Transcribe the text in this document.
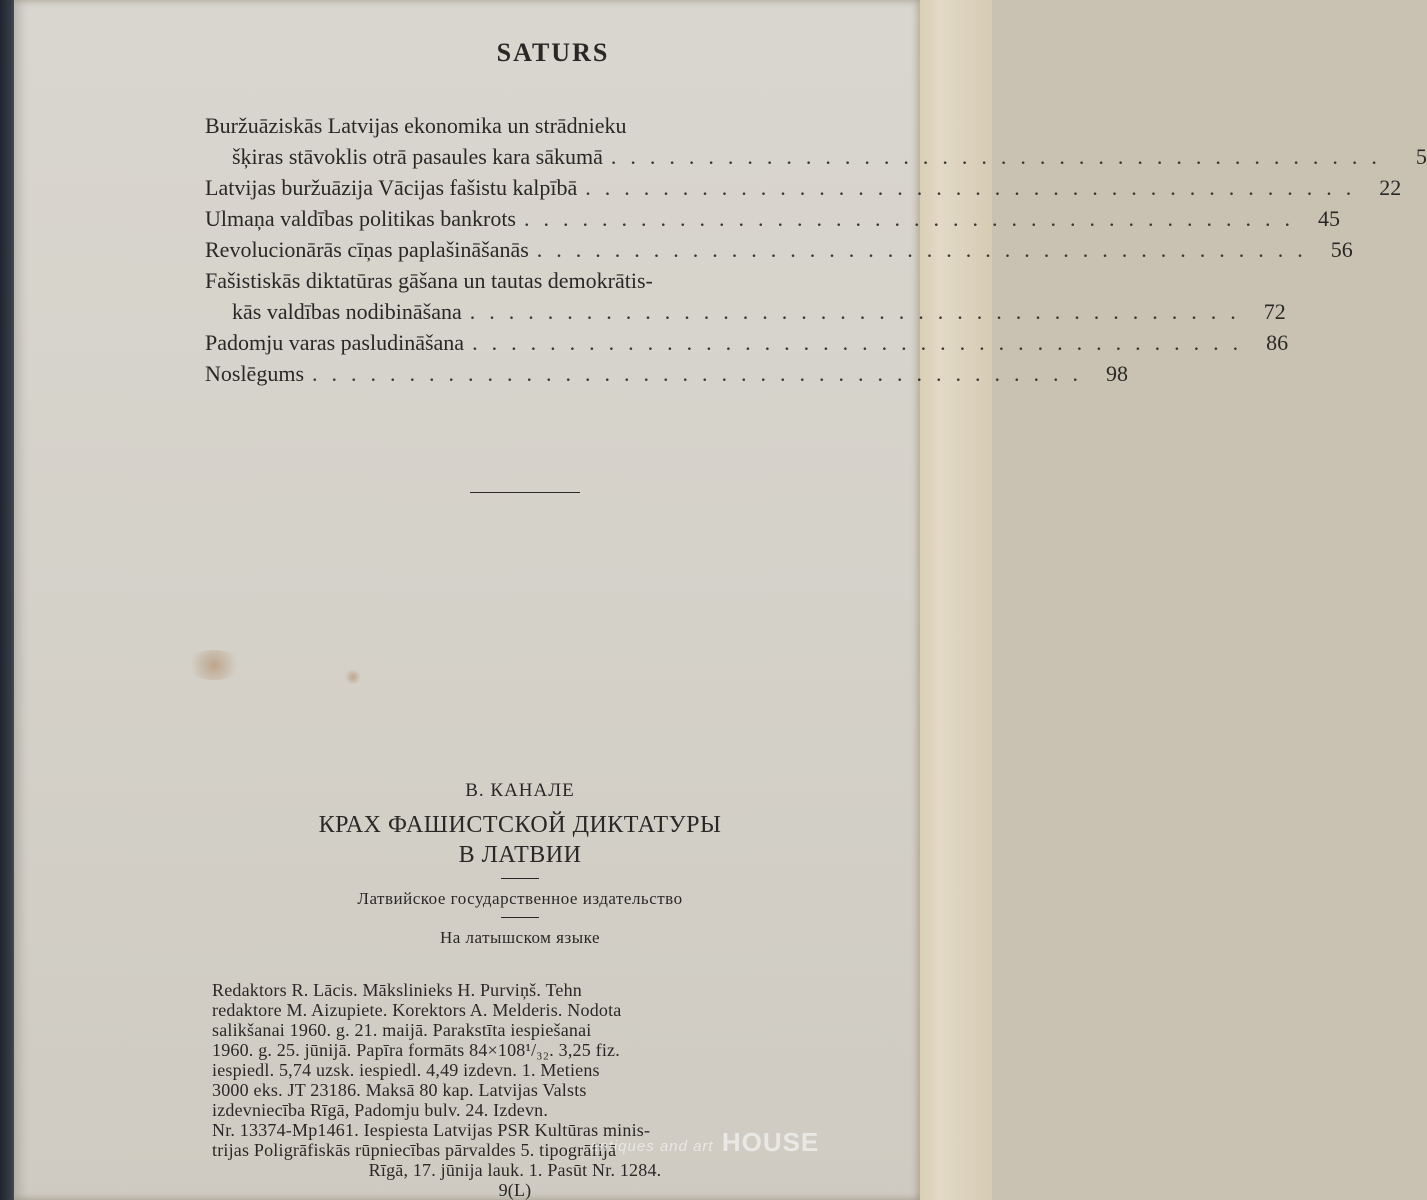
SATURS
Buržuāziskās Latvijas ekonomika un strādnieku
šķiras stāvoklis otrā pasaules kara sākumā ........................................	5
Latvijas buržuāzija Vācijas fašistu kalpībā ........................................ 22
Ulmaņa valdības politikas bankrots ........................................ 45
Revolucionārās cīņas paplašināšanās ........................................ 56
Fašistiskās diktatūras gāšana un tautas demokrātis-
kās valdības nodibināšana ........................................ 72
Padomju varas pasludināšana ........................................ 86
Noslēgums ........................................ 98
В. КАНАЛЕ
КРАХ ФАШИСТСКОЙ ДИКТАТУРЫ
В ЛАТВИИ
Латвийское государственное издательство
На латышском языке
Redaktors R. Lācis. Mākslinieks H. Purviņš. Tehn
redaktore M. Aizupiete. Korektors A. Melderis. Nodota
salikšanai 1960. g. 21. maijā. Parakstīta iespiešanai
1960. g. 25. jūnijā. Papīra formāts 84×108¹/₃₂. 3,25 fiz.
iespiedl. 5,74 uzsk. iespiedl. 4,49 izdevn. 1. Metiens
3000 eks. JT 23186. Maksā 80 kap. Latvijas Valsts
izdevniecība Rīgā, Padomju bulv. 24. Izdevn.
Nr. 13374-Mp1461. Iespiesta Latvijas PSR Kultūras minis-
trijas Poligrāfiskās rūpniecības pārvaldes 5. tipogrāfijā
Rīgā, 17. jūnija lauk. 1. Pasūt Nr. 1284.
9(L)
antiques and art HOUSE
